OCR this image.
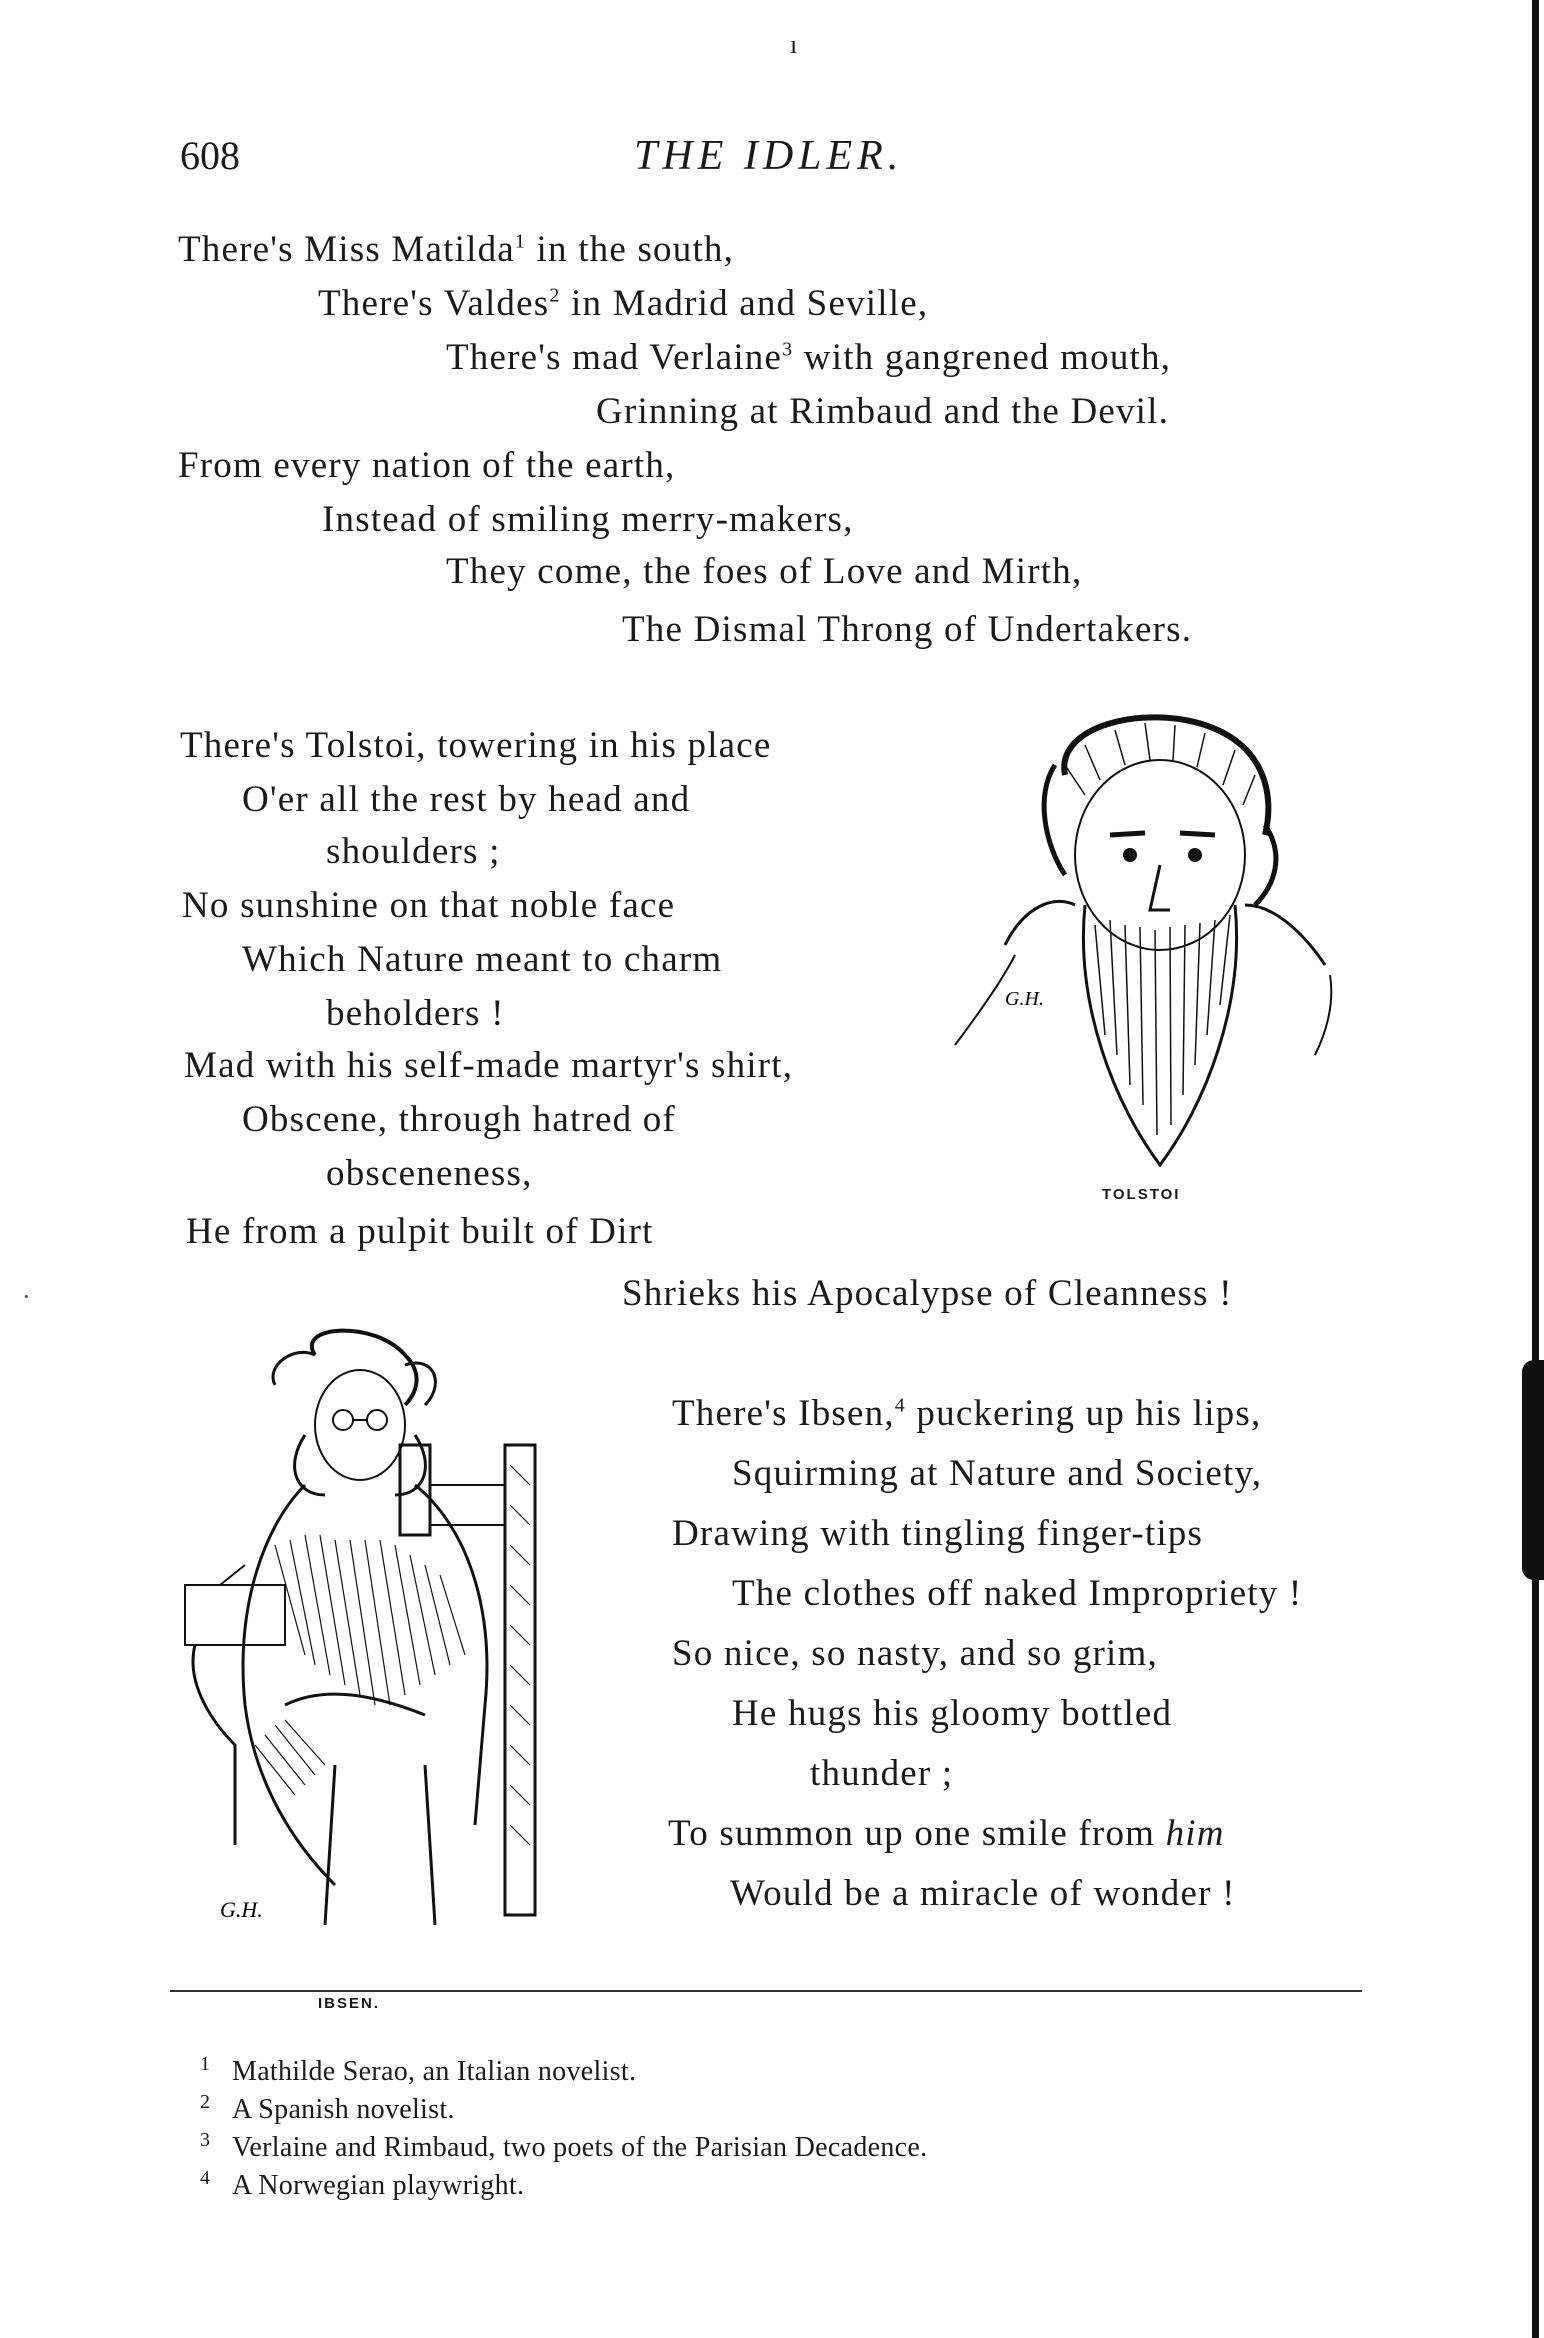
ı
608	THE IDLER.
There's Miss Matilda$^1$ in the south,
There's Valdes$^2$ in Madrid and Seville,
There's mad Verlaine$^3$ with gangrened mouth,
Grinning at Rimbaud and the Devil.
From every nation of the earth,
Instead of smiling merry-makers,
They come, the foes of Love and Mirth,
The Dismal Throng of Undertakers.
There's Tolstoi, towering in his place
O'er all the rest by head and
shoulders ;
No sunshine on that noble face
Which Nature meant to charm
beholders !
Mad with his self-made martyr's shirt,
Obscene, through hatred of
obsceneness,
He from a pulpit built of Dirt
Shrieks his Apocalypse of Cleanness !
G.H.
TOLSTOI
There's Ibsen,$^4$ puckering up his lips,
Squirming at Nature and Society,
Drawing with tingling finger-tips
The clothes off naked Impropriety !
So nice, so nasty, and so grim,
He hugs his gloomy bottled
thunder ;
To summon up one smile from him
Would be a miracle of wonder !
G.H.
IBSEN.
1 Mathilde Serao, an Italian novelist.
2 A Spanish novelist.
3 Verlaine and Rimbaud, two poets of the Parisian Decadence.
4 A Norwegian playwright.
·
